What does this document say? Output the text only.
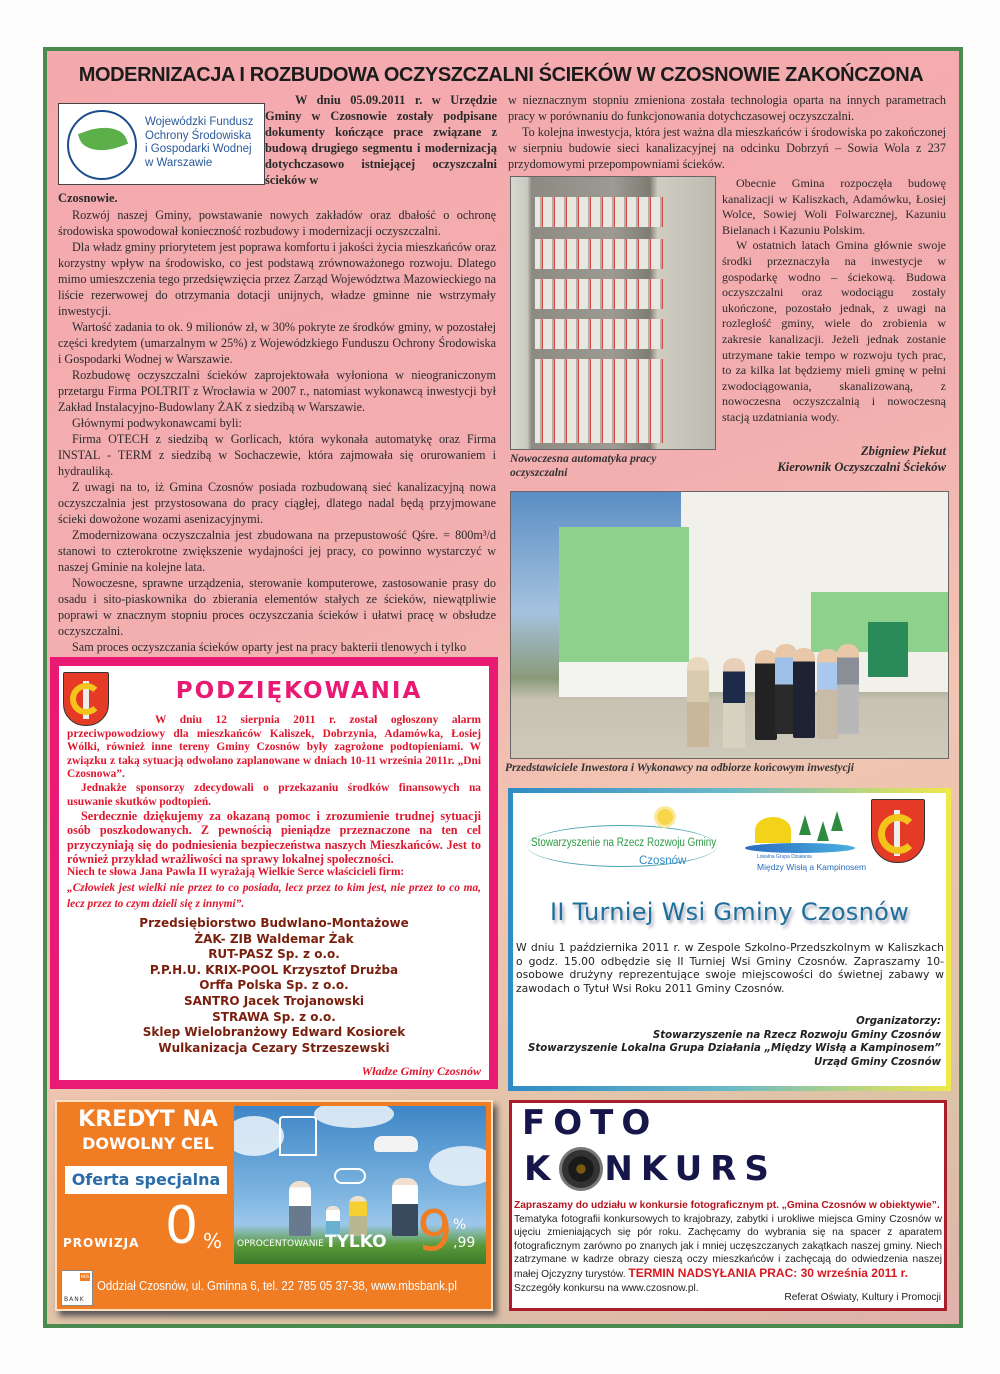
MODERNIZACJA I ROZBUDOWA OCZYSZCZALNI ŚCIEKÓW W CZOSNOWIE ZAKOŃCZONA
Wojewódzki Fundusz
Ochrony Środowiska
i Gospodarki Wodnej
w Warszawie
W dniu 05.09.2011 r. w Urzędzie Gminy w Czosnowie zostały podpisane dokumenty kończące prace związane z budową drugiego segmentu i modernizacją dotychczasowo istniejącej oczyszczalni ścieków w
Czosnowie.

Rozwój naszej Gminy, powstawanie nowych zakładów oraz dbałość o ochronę środowiska spowodował konieczność rozbudowy i modernizacji oczyszczalni.

Dla władz gminy priorytetem jest poprawa komfortu i jakości życia mieszkańców oraz korzystny wpływ na środowisko, co jest podstawą zrównoważonego rozwoju. Dlatego mimo umieszczenia tego przedsięwzięcia przez Zarząd Województwa Mazowieckiego na liście rezerwowej do otrzymania dotacji unijnych, władze gminne nie wstrzymały inwestycji.

Wartość zadania to ok. 9 milionów zł, w 30% pokryte ze środków gminy, w pozostałej części kredytem (umarzalnym w 25%) z Wojewódzkiego Funduszu Ochrony Środowiska i Gospodarki Wodnej w Warszawie.

Rozbudowę oczyszczalni ścieków zaprojektowała wyłoniona w nieograniczonym przetargu Firma POLTRIT z Wrocławia w 2007 r., natomiast wykonawcą inwestycji był Zakład Instalacyjno-Budowlany ŻAK z siedzibą w Warszawie.

Głównymi podwykonawcami byli:

Firma OTECH z siedzibą w Gorlicach, która wykonała automatykę oraz Firma INSTAL - TERM z siedzibą w Sochaczewie, która zajmowała się orurowaniem i hydrauliką.

Z uwagi na to, iż Gmina Czosnów posiada rozbudowaną sieć kanalizacyjną nowa oczyszczalnia jest przystosowana do pracy ciągłej, dlatego nadal będą przyjmowane ścieki dowożone wozami asenizacyjnymi.

Zmodernizowana oczyszczalnia jest zbudowana na przepustowość Qśre. = 800m³/d stanowi to czterokrotne zwiększenie wydajności jej pracy, co powinno wystarczyć w naszej Gminie na kolejne lata.

Nowoczesne, sprawne urządzenia, sterowanie komputerowe, zastosowanie prasy do osadu i sito-piaskownika do zbierania elementów stałych ze ścieków, niewątpliwie poprawi w znacznym stopniu proces oczyszczania ścieków i ułatwi pracę w obsłudze oczyszczalni.

Sam proces oczyszczania ścieków oparty jest na pracy bakterii tlenowych i tylko

w nieznacznym stopniu zmieniona została technologia oparta na innych parametrach pracy w porównaniu do funkcjonowania dotychczasowej oczyszczalni.

To kolejna inwestycja, która jest ważna dla mieszkańców i środowiska po zakończonej w sierpniu budowie sieci kanalizacyjnej na odcinku Dobrzyń – Sowia Wola z 237 przydomowymi przepompowniami ścieków.

Nowoczesna automatyka pracy oczyszczalni

Obecnie Gmina rozpoczęła budowę kanalizacji w Kaliszkach, Adamówku, Łosiej Wolce, Sowiej Woli Folwarcznej, Kazuniu Bielanach i Kazuniu Polskim.

W ostatnich latach Gmina głównie swoje środki przeznaczyła na inwestycje w gospodarkę wodno – ściekową. Budowa oczyszczalni oraz wodociągu zostały ukończone, pozostało jednak, z uwagi na rozległość gminy, wiele do zrobienia w zakresie kanalizacji. Jeżeli jednak zostanie utrzymane takie tempo w rozwoju tych prac, to za kilka lat będziemy mieli gminę w pełni zwodociągowania, skanalizowaną, z nowoczesna oczyszczalnią i nowoczesną stacją uzdatniania wody.

Zbigniew Piekut
Kierownik Oczyszczalni Ścieków
Przedstawiciele Inwestora i Wykonawcy na odbiorze końcowym inwestycji
PODZIĘKOWANIA

W dniu 12 sierpnia 2011 r. został ogłoszony alarm przeciwpowodziowy dla mieszkańców Kaliszek, Dobrzynia, Adamówka, Łosiej Wólki, również inne tereny Gminy Czosnów były zagrożone podtopieniami. W związku z taką sytuacją odwołano zaplanowane w dniach 10-11 września 2011r. „Dni Czosnowa”.

Jednakże sponsorzy zdecydowali o przekazaniu środków finansowych na usuwanie skutków podtopień.

Serdecznie dziękujemy za okazaną pomoc i zrozumienie trudnej sytuacji osób poszkodowanych. Z pewnością pieniądze przeznaczone na ten cel przyczyniają się do podniesienia bezpieczeństwa naszych Mieszkańców. Jest to również przykład wrażliwości na sprawy lokalnej społeczności.

Niech te słowa Jana Pawła II wyrażają Wielkie Serce właścicieli firm:

„Człowiek jest wielki nie przez to co posiada, lecz przez to kim jest, nie przez to co ma, lecz przez to czym dzieli się z innymi”.

Przedsiębiorstwo Budwlano-Montażowe
ŻAK- ZIB Waldemar Żak
RUT-PASZ Sp. z o.o.
P.P.H.U. KRIX-POOL Krzysztof Drużba
Orffa Polska Sp. z o.o.
SANTRO Jacek Trojanowski
STRAWA Sp. z o.o.
Sklep Wielobranżowy Edward Kosiorek
Wulkanizacja Cezary Strzeszewski
Władze Gminy Czosnów
Stowarzyszenie na Rzecz Rozwoju Gminy
Czosnów	Lokalna Grupa Działania
Między Wisłą a Kampinosem
II Turniej Wsi Gminy Czosnów
W dniu 1 października 2011 r. w Zespole Szkolno-Przedszkolnym w Kaliszkach o godz. 15.00 odbędzie się II Turniej Wsi Gminy Czosnów. Zapraszamy 10-osobowe drużyny reprezentujące swoje miejscowości do świetnej zabawy w zawodach o Tytuł Wsi Roku 2011 Gminy Czosnów.
Organizatorzy:
Stowarzyszenie na Rzecz Rozwoju Gminy Czosnów
Stowarzyszenie Lokalna Grupa Działania „Między Wisłą a Kampinosem”
Urząd Gminy Czosnów
KREDYT NA
DOWOLNY CEL
Oferta specjalna
PROWIZJA 0 % OPROCENTOWANIE TYLKO 9 %
,99
MBS
BANK
Oddział Czosnów, ul. Gminna 6, tel. 22 785 05 37-38, www.mbsbank.pl
FOTO
K NKURS
Zapraszamy do udziału w konkursie fotograficznym pt. „Gmina Czosnów w obiektywie”.
Tematyka fotografii konkursowych to krajobrazy, zabytki i urokliwe miejsca Gminy Czosnów w ujęciu zmieniających się pór roku. Zachęcamy do wybrania się na spacer z aparatem fotograficznym zarówno po znanych jak i mniej uczęszczanych zakątkach naszej gminy. Niech zatrzymane w kadrze obrazy cieszą oczy mieszkańców i zachęcają do odwiedzenia naszej małej Ojczyzny turystów. TERMIN NADSYŁANIA PRAC: 30 września 2011 r.
Szczegóły konkursu na www.czosnow.pl.
Referat Oświaty, Kultury i Promocji
